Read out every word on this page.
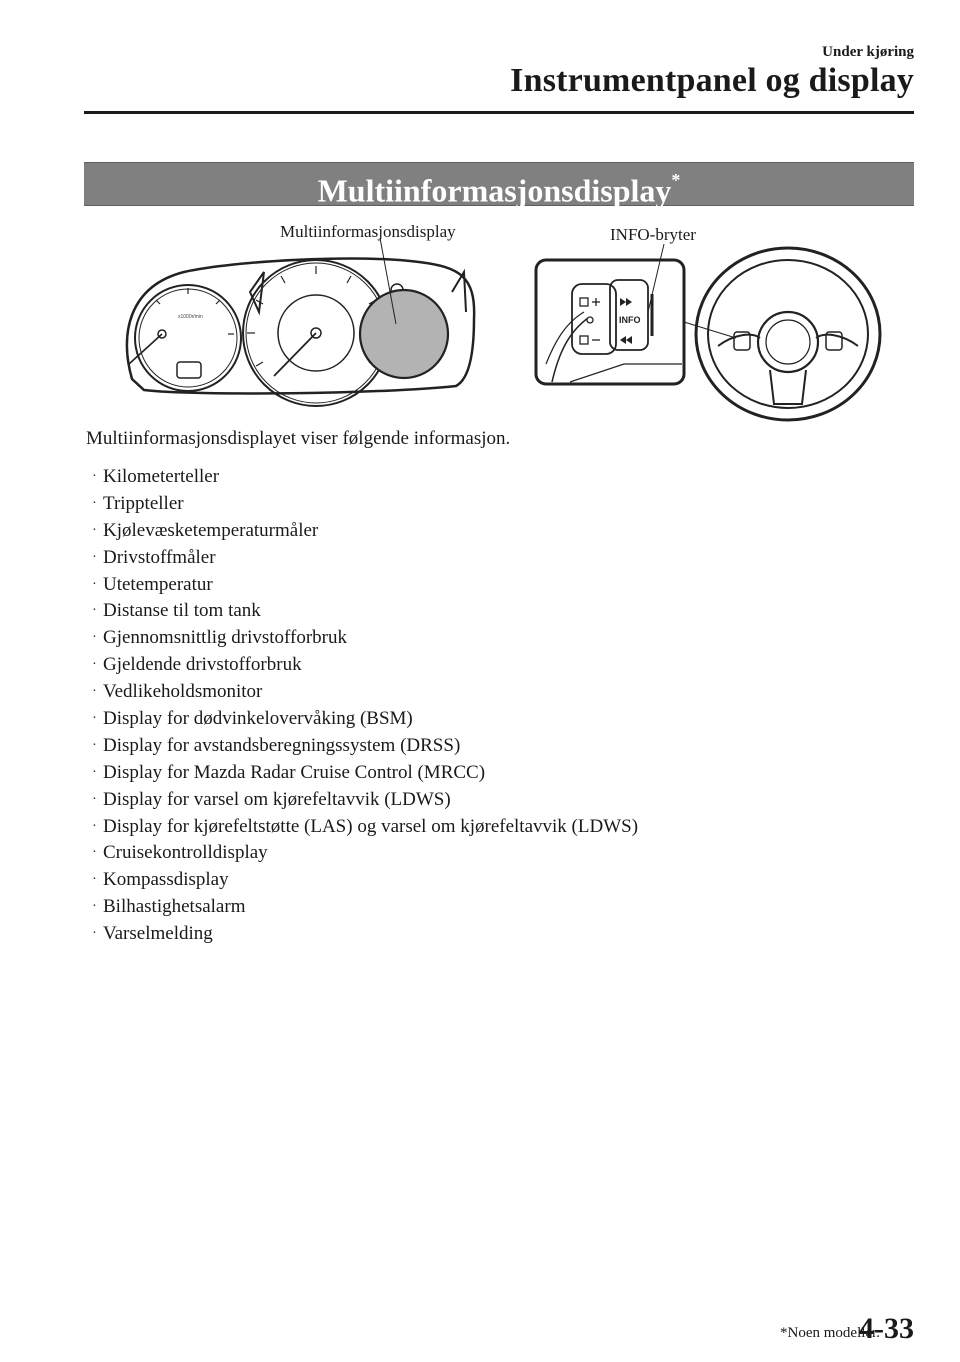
Under kjøring
Instrumentpanel og display
Multiinformasjonsdisplay*
x1000r/min	INFO
Multiinformasjonsdisplay	INFO-bryter
Multiinformasjonsdisplayet viser følgende informasjon.
· Kilometerteller
· Trippteller
· Kjølevæsketemperaturmåler
· Drivstoffmåler
· Utetemperatur
· Distanse til tom tank
· Gjennomsnittlig drivstofforbruk
· Gjeldende drivstofforbruk
· Vedlikeholdsmonitor
· Display for dødvinkelovervåking (BSM)
· Display for avstandsberegningssystem (DRSS)
· Display for Mazda Radar Cruise Control (MRCC)
· Display for varsel om kjørefeltavvik (LDWS)
· Display for kjørefeltstøtte (LAS) og varsel om kjørefeltavvik (LDWS)
· Cruisekontrolldisplay
· Kompassdisplay
· Bilhastighetsalarm
· Varselmelding
*Noen modeller.
4-33
